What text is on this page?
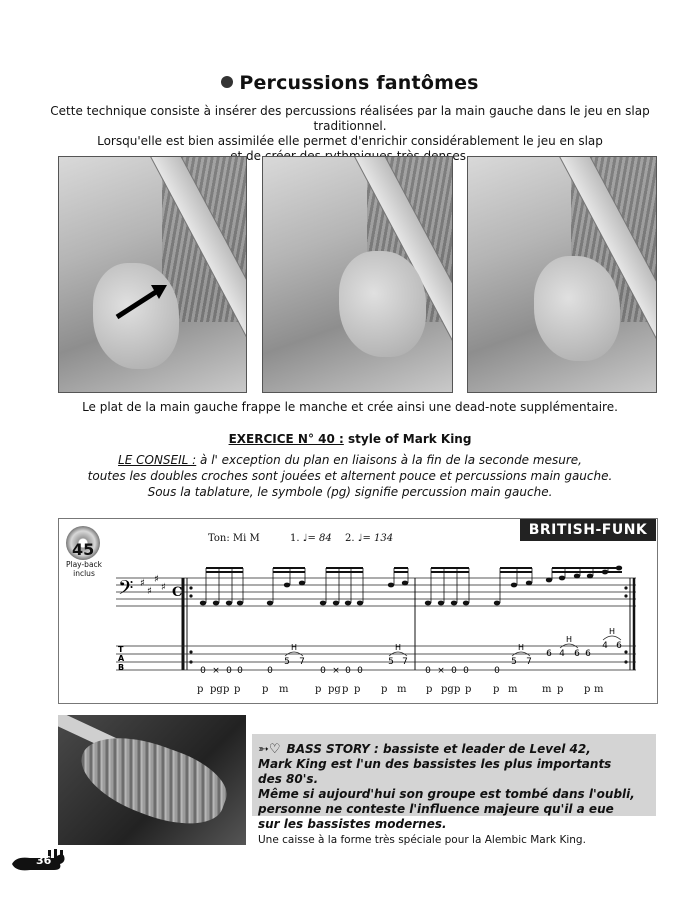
Percussions fantômes
Cette technique consiste à insérer des percussions réalisées par la main gauche dans le jeu en slap traditionnel.
Lorsqu'elle est bien assimilée elle permet d'enrichir considérablement le jeu en slap
de
Le plat de la main gauche frappe le manche et crée ainsi une dead-note supplémentaire.
EXERCICE N° 40 : style of Mark King
LE CONSEIL : à l' exception du plan en liaisons à la fin de la seconde mesure,
toutes les doubles croches sont jouées et alternent pouce et percussions main gauche.
Sous la tablature, le symbole (pg) signifie percussion main gauche.
BRITISH-FUNK
45
Play-back inclus
Ton: Mi M	1. ♩= 84 2. ♩= 134
𝄢 ♯
♯
♯
♯ C
T
A
B	0 × 0 0	0
5 7
0 × 0 0
5 7
H	H
0 × 0 0	0
5 7
6 4 6 6
4 6
H
H
H
p pg p p p m	p pg p p p m p pg p p p m m p p m
➳♡ BASS STORY : bassiste et leader de Level 42,
Mark King est l'un des bassistes les plus importants des 80's.
Même si aujourd'hui son groupe est tombé dans l'oubli,
personne ne conteste l'influence majeure qu'il a eue
sur les bassistes modernes.
Une caisse à la forme très spéciale pour la Alembic Mark King.
36
